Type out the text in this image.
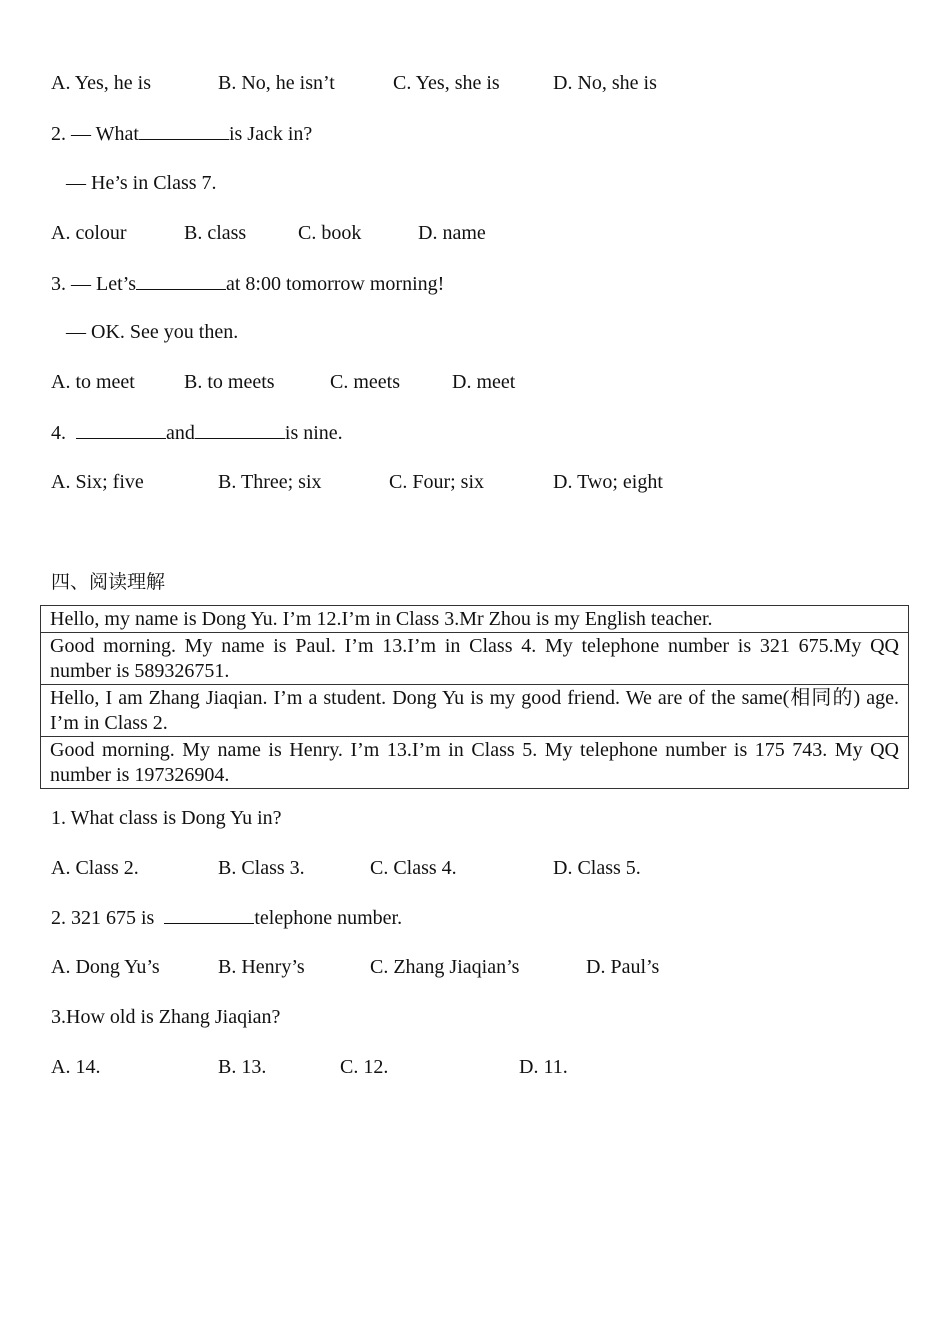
A. Yes, he is	B. No, he isn’t	C. Yes, she is	D. No, she is
2. — What	is Jack in?
— He’s in Class 7.
A. colour	B. class	C. book	D. name
3. — Let’s	at 8:00 tomorrow morning!
— OK. See you then.
A. to meet B. to meets	C. meets	D. meet
4.	and	is nine.
A. Six; five	B. Three; six	C. Four; six	D. Two; eight
四、阅读理解
Hello, my name is Dong Yu. I’m 12.I’m in Class 3.Mr Zhou is my English teacher.
Good morning. My name is Paul. I’m 13.I’m in Class 4. My telephone number is 321 675.My QQ number is 589326751.
Hello, I am Zhang Jiaqian. I’m a student. Dong Yu is my good friend. We are of the same(相同的) age. I’m in Class 2.
Good morning. My name is Henry. I’m 13.I’m in Class 5. My telephone number is 175 743. My QQ number is 197326904.
1. What class is Dong Yu in?
A. Class 2.	B. Class 3.	C. Class 4.	D. Class 5.
2. 321 675 is	telephone number.
A. Dong Yu’s	B. Henry’s	C. Zhang Jiaqian’s	D. Paul’s
3.How old is Zhang Jiaqian?
A. 14.	B. 13.	C. 12.	D. 11.
